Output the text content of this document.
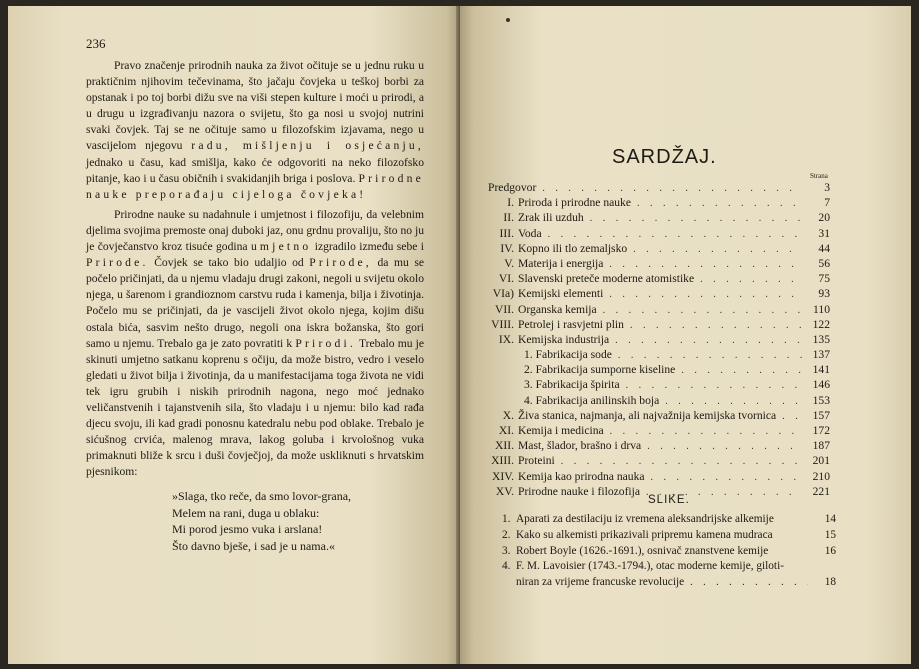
236

Pravo značenje prirodnih nauka za život očituje se u jednu ruku u praktičnim njihovim tečevinama, što jačaju čovjeka u teškoj borbi za opstanak i po toj borbi dižu sve na viši stepen kulture i moći u prirodi, a u drugu u izgrađivanju nazora o svijetu, što ga nosi u svojoj nutrini svaki čovjek. Taj se ne očituje samo u filozofskim izjavama, nego u vascijelom njegovu radu, mišljenju i osjećanju, jednako u času, kad smišlja, kako će odgovoriti na neko filozofsko pitanje, kao i u času običnih i svakidanjih briga i poslova. Prirodne nauke preporađaju cijeloga čovjeka!

Prirodne nauke su nadahnule i umjetnost i filozofiju, da velebnim djelima svojima premoste onaj duboki jaz, onu grdnu provaliju, što no ju je čovječanstvo kroz tisuće godina umjetno izgradilo između sebe i Prirode. Čovjek se tako bio udaljio od Prirode, da mu se počelo pričinjati, da u njemu vladaju drugi zakoni, negoli u svijetu okolo njega, u šarenom i grandioznom carstvu ruda i kamenja, bilja i životinja. Počelo mu se pričinjati, da je vascijeli život okolo njega, kojim dišu ostala bića, sasvim nešto drugo, negoli ona iskra božanska, što gori samo u njemu. Trebalo ga je zato povratiti k Prirodi. Trebalo mu je skinuti umjetno satkanu koprenu s očiju, da može bistro, vedro i veselo gledati u život bilja i životinja, da u manifestacijama toga života ne vidi tek igru grubih i niskih prirodnih nagona, nego moć jednako veličanstvenih i tajanstvenih sila, što vladaju i u njemu: bilo kad rađa djecu svoju, ili kad gradi ponosnu katedralu nebu pod oblake. Trebalo je sićušnog crvića, malenog mrava, lakog goluba i krvološnog vuka primaknuti bliže k srcu i duši čovječjoj, da može uskliknuti s hrvatskim pjesnikom:

»Slaga, tko reče, da smo lovor-grana,
Melem na rani, duga u oblaku:
Mi porod jesmo vuka i arslana!
Što davno bješe, i sad je u nama.«
SARDŽAJ.
Strana
Predgovor . . .	3
I. Priroda i prirodne nauke . . .	7
II. Zrak ili uzduh . . .	20
III. Voda . . .	31
IV. Kopno ili tlo zemaljsko . . .	44
V. Materija i energija . . .	56
VI. Slavenski preteče moderne atomistike . . .	75
VIa) Kemijski elementi . . .	93
VII. Organska kemija . . .	110
VIII. Petrolej i rasvjetni plin . . .	122
IX. Kemijska industrija . . .	135
1. Fabrikacija sode . . .	137
2. Fabrikacija sumporne kiseline . . .	141
3. Fabrikacija špirita . . .	146
4. Fabrikacija anilinskih boja . . .	153
X. Živa stanica, najmanja, ali najvažnija kemijska tvornica . . .	157
XI. Kemija i medicina . . .	172
XII. Mast, šlador, brašno i drva . . .	187
XIII. Proteini . . .	201
XIV. Kemija kao prirodna nauka . . .	210
XV. Prirodne nauke i filozofija . . .	221
SLIKE.
1. Aparati za destilaciju iz vremena aleksandrijske alkemije	14
2. Kako su alkemisti prikazivali pripremu kamena mudraca	15
3. Robert Boyle (1626.-1691.), osnivač znanstvene kemije	16
4. F. M. Lavoisier (1743.-1794.), otac moderne kemije, giloti-
niran za vrijeme francuske revolucije . . .	18
